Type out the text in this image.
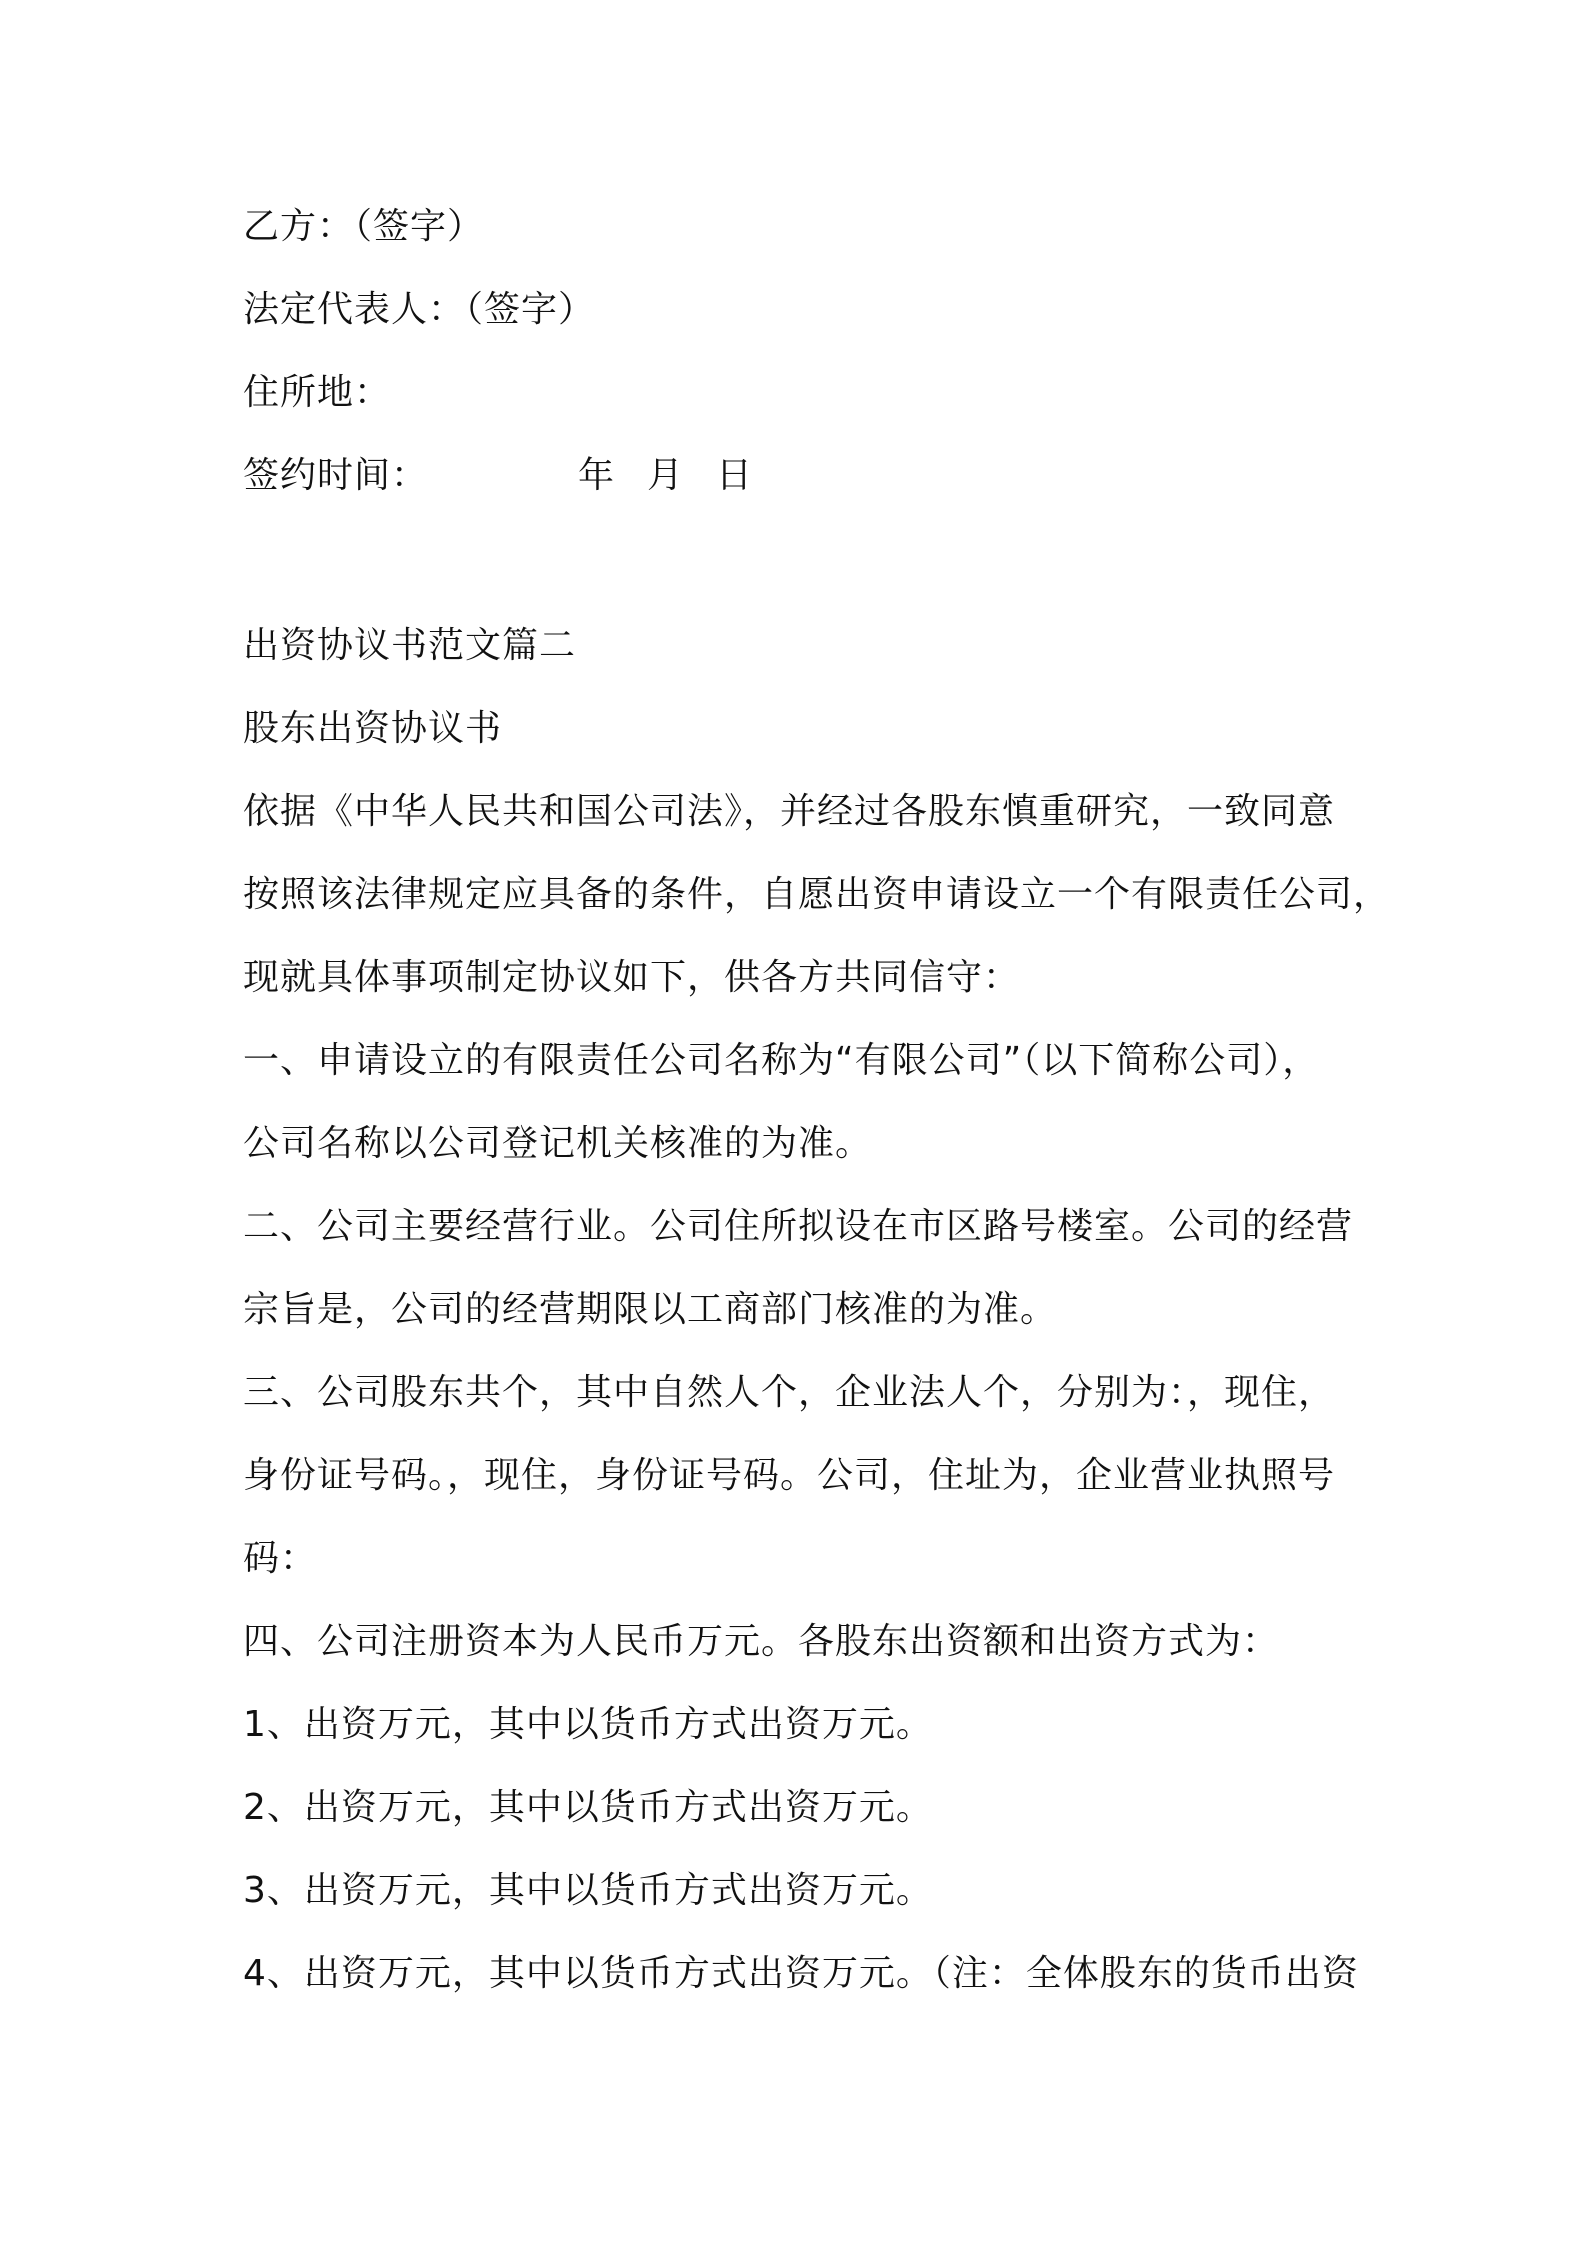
乙方：（签字）
法定代表人：（签字）
住所地：
签约时间：	年 月 日
出资协议书范文篇二
股东出资协议书
依据《中华人民共和国公司法》，并经过各股东慎重研究，一致同意
按照该法律规定应具备的条件，自愿出资申请设立一个有限责任公司，
现就具体事项制定协议如下，供各方共同信守：
一、申请设立的有限责任公司名称为“有限公司”（以下简称公司），
公司名称以公司登记机关核准的为准。
二、公司主要经营行业。公司住所拟设在市区路号楼室。公司的经营
宗旨是，公司的经营期限以工商部门核准的为准。
三、公司股东共个，其中自然人个，企业法人个，分别为：，现住，
身份证号码。，现住，身份证号码。公司，住址为，企业营业执照号
码：
四、公司注册资本为人民币万元。各股东出资额和出资方式为：
1、出资万元，其中以货币方式出资万元。
2、出资万元，其中以货币方式出资万元。
3、出资万元，其中以货币方式出资万元。
4、出资万元，其中以货币方式出资万元。（注：全体股东的货币出资
